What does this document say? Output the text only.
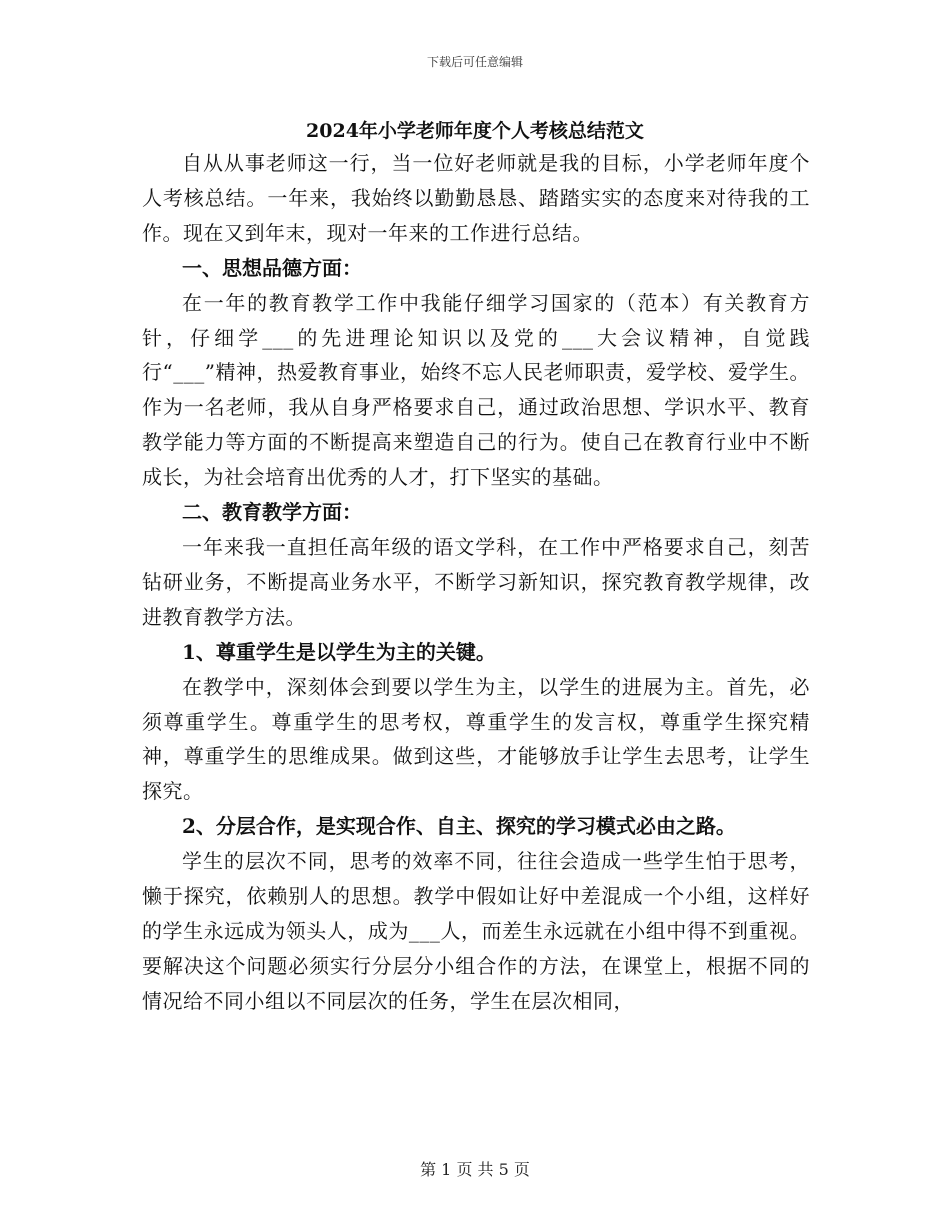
下载后可任意编辑
2024年小学老师年度个人考核总结范文

自从从事老师这一行，当一位好老师就是我的目标，小学老师年度个人考核总结。一年来，我始终以勤勤恳恳、踏踏实实的态度来对待我的工作。现在又到年末，现对一年来的工作进行总结。

一、思想品德方面：

在一年的教育教学工作中我能仔细学习国家的（范本）有关教育方针，仔细学___的先进理论知识以及党的___大会议精神，自觉践行“___”精神，热爱教育事业，始终不忘人民老师职责，爱学校、爱学生。作为一名老师，我从自身严格要求自己，通过政治思想、学识水平、教育教学能力等方面的不断提高来塑造自己的行为。使自己在教育行业中不断成长，为社会培育出优秀的人才，打下坚实的基础。

二、教育教学方面：

一年来我一直担任高年级的语文学科，在工作中严格要求自己，刻苦钻研业务，不断提高业务水平，不断学习新知识，探究教育教学规律，改进教育教学方法。

1、尊重学生是以学生为主的关键。

在教学中，深刻体会到要以学生为主，以学生的进展为主。首先，必须尊重学生。尊重学生的思考权，尊重学生的发言权，尊重学生探究精神，尊重学生的思维成果。做到这些，才能够放手让学生去思考，让学生探究。

2、分层合作，是实现合作、自主、探究的学习模式必由之路。

学生的层次不同，思考的效率不同，往往会造成一些学生怕于思考，懒于探究，依赖别人的思想。教学中假如让好中差混成一个小组，这样好的学生永远成为领头人，成为___人，而差生永远就在小组中得不到重视。要解决这个问题必须实行分层分小组合作的方法，在课堂上，根据不同的情况给不同小组以不同层次的任务，学生在层次相同，

第 1 页 共 5 页
